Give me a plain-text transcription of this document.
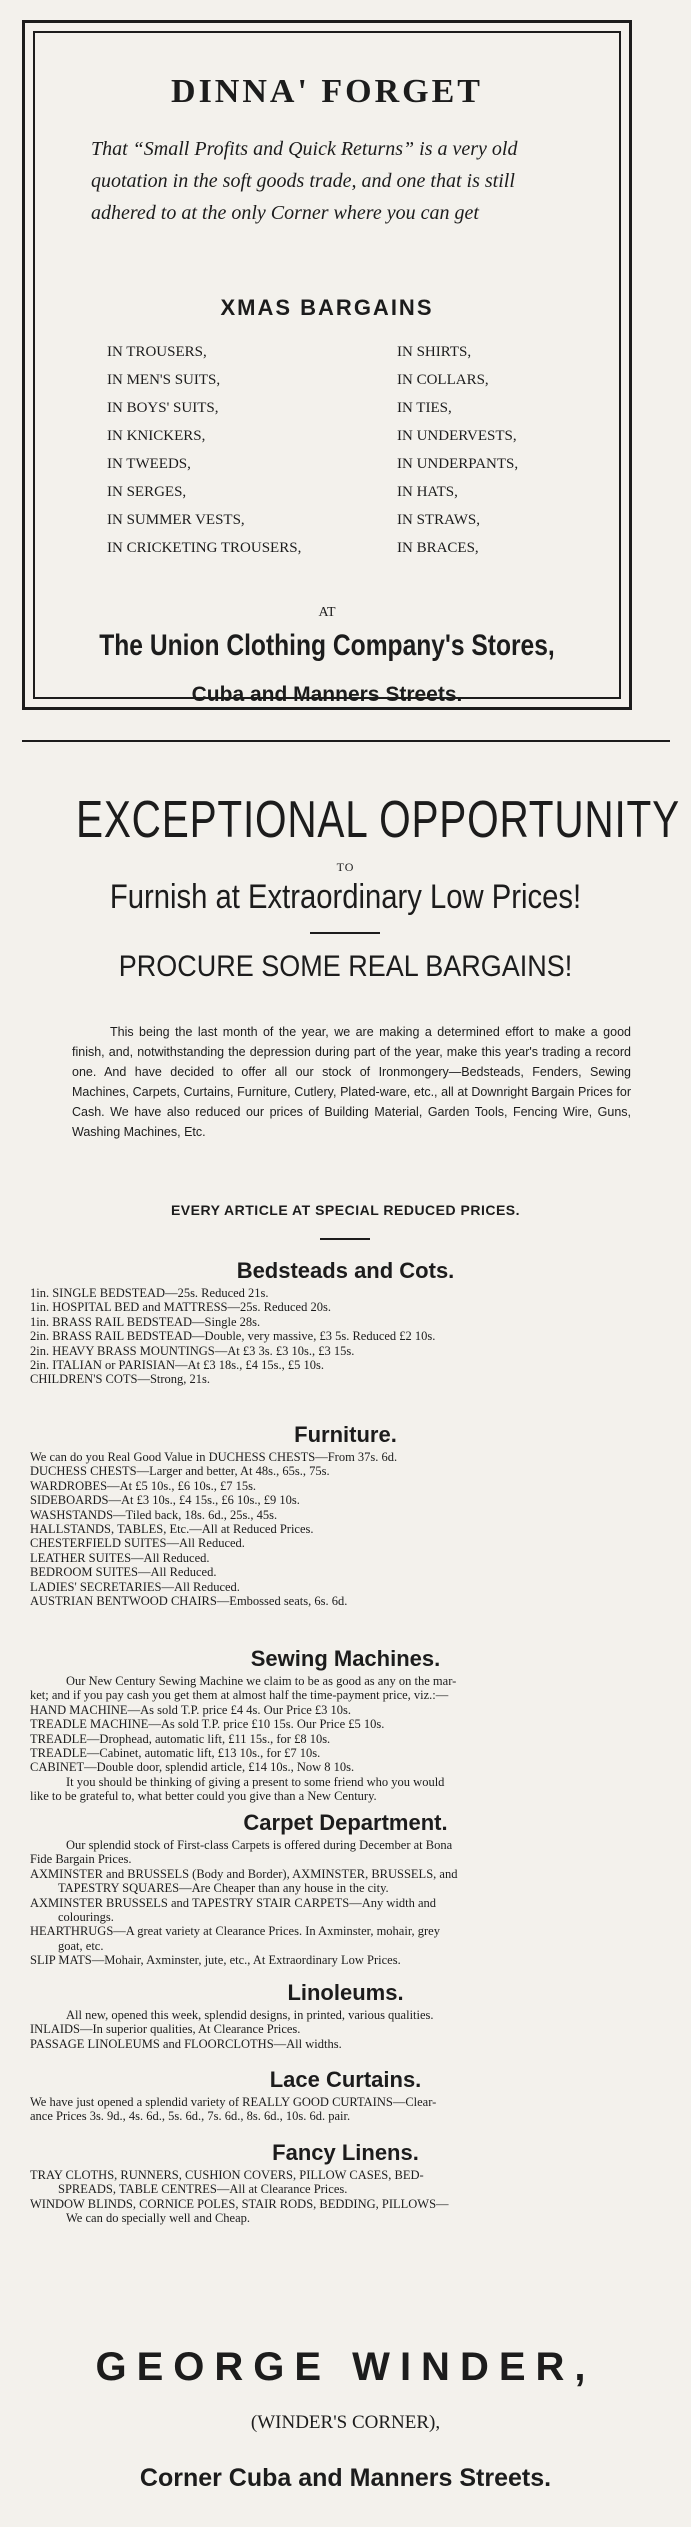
DINNA' FORGET
That “Small Profits and Quick Returns” is a very old quotation in the soft goods trade, and one that is still adhered to at the only Corner where you can get
XMAS BARGAINS
IN TROUSERS,
IN MEN'S SUITS,
IN BOYS' SUITS,
IN KNICKERS,
IN TWEEDS,
IN SERGES,
IN SUMMER VESTS,
IN CRICKETING TROUSERS,
IN SHIRTS,
IN COLLARS,
IN TIES,
IN UNDERVESTS,
IN UNDERPANTS,
IN HATS,
IN STRAWS,
IN BRACES,
AT
The Union Clothing Company's Stores,
Cuba and Manners Streets.
EXCEPTIONAL OPPORTUNITY
TO
Furnish at Extraordinary Low Prices!
PROCURE SOME REAL BARGAINS!
This being the last month of the year, we are making a determined effort to make a good finish, and, notwithstanding the depression during part of the year, make this year's trading a record one. And have decided to offer all our stock of Ironmongery—Bedsteads, Fenders, Sewing Machines, Carpets, Curtains, Furniture, Cutlery, Plated-ware, etc., all at Downright Bargain Prices for Cash. We have also reduced our prices of Building Material, Garden Tools, Fencing Wire, Guns, Washing Machines, Etc.
EVERY ARTICLE AT SPECIAL REDUCED PRICES.
Bedsteads and Cots.
1in. SINGLE BEDSTEAD—25s. Reduced 21s.
1in. HOSPITAL BED and MATTRESS—25s. Reduced 20s.
1in. BRASS RAIL BEDSTEAD—Single 28s.
2in. BRASS RAIL BEDSTEAD—Double, very massive, £3 5s. Reduced £2 10s.
2in. HEAVY BRASS MOUNTINGS—At £3 3s. £3 10s., £3 15s.
2in. ITALIAN or PARISIAN—At £3 18s., £4 15s., £5 10s.
CHILDREN'S COTS—Strong, 21s.
Furniture.
We can do you Real Good Value in DUCHESS CHESTS—From 37s. 6d.
DUCHESS CHESTS—Larger and better, At 48s., 65s., 75s.
WARDROBES—At £5 10s., £6 10s., £7 15s.
SIDEBOARDS—At £3 10s., £4 15s., £6 10s., £9 10s.
WASHSTANDS—Tiled back, 18s. 6d., 25s., 45s.
HALLSTANDS, TABLES, Etc.—All at Reduced Prices.
CHESTERFIELD SUITES—All Reduced.
LEATHER SUITES—All Reduced.
BEDROOM SUITES—All Reduced.
LADIES' SECRETARIES—All Reduced.
AUSTRIAN BENTWOOD CHAIRS—Embossed seats, 6s. 6d.
Sewing Machines.
Our New Century Sewing Machine we claim to be as good as any on the mar-
ket; and if you pay cash you get them at almost half the time-payment price, viz.:—
HAND MACHINE—As sold T.P. price £4 4s. Our Price £3 10s.
TREADLE MACHINE—As sold T.P. price £10 15s. Our Price £5 10s.
TREADLE—Drophead, automatic lift, £11 15s., for £8 10s.
TREADLE—Cabinet, automatic lift, £13 10s., for £7 10s.
CABINET—Double door, splendid article, £14 10s., Now 8 10s.
It you should be thinking of giving a present to some friend who you would
like to be grateful to, what better could you give than a New Century.
Carpet Department.
Our splendid stock of First-class Carpets is offered during December at Bona
Fide Bargain Prices.
AXMINSTER and BRUSSELS (Body and Border), AXMINSTER, BRUSSELS, and
TAPESTRY SQUARES—Are Cheaper than any house in the city.
AXMINSTER BRUSSELS and TAPESTRY STAIR CARPETS—Any width and
colourings.
HEARTHRUGS—A great variety at Clearance Prices. In Axminster, mohair, grey
goat, etc.
SLIP MATS—Mohair, Axminster, jute, etc., At Extraordinary Low Prices.
Linoleums.
All new, opened this week, splendid designs, in printed, various qualities.
INLAIDS—In superior qualities, At Clearance Prices.
PASSAGE LINOLEUMS and FLOORCLOTHS—All widths.
Lace Curtains.
We have just opened a splendid variety of REALLY GOOD CURTAINS—Clear-
ance Prices 3s. 9d., 4s. 6d., 5s. 6d., 7s. 6d., 8s. 6d., 10s. 6d. pair.
Fancy Linens.
TRAY CLOTHS, RUNNERS, CUSHION COVERS, PILLOW CASES, BED-
SPREADS, TABLE CENTRES—All at Clearance Prices.
WINDOW BLINDS, CORNICE POLES, STAIR RODS, BEDDING, PILLOWS—
We can do specially well and Cheap.
GEORGE WINDER,
(WINDER'S CORNER),
Corner Cuba and Manners Streets.
